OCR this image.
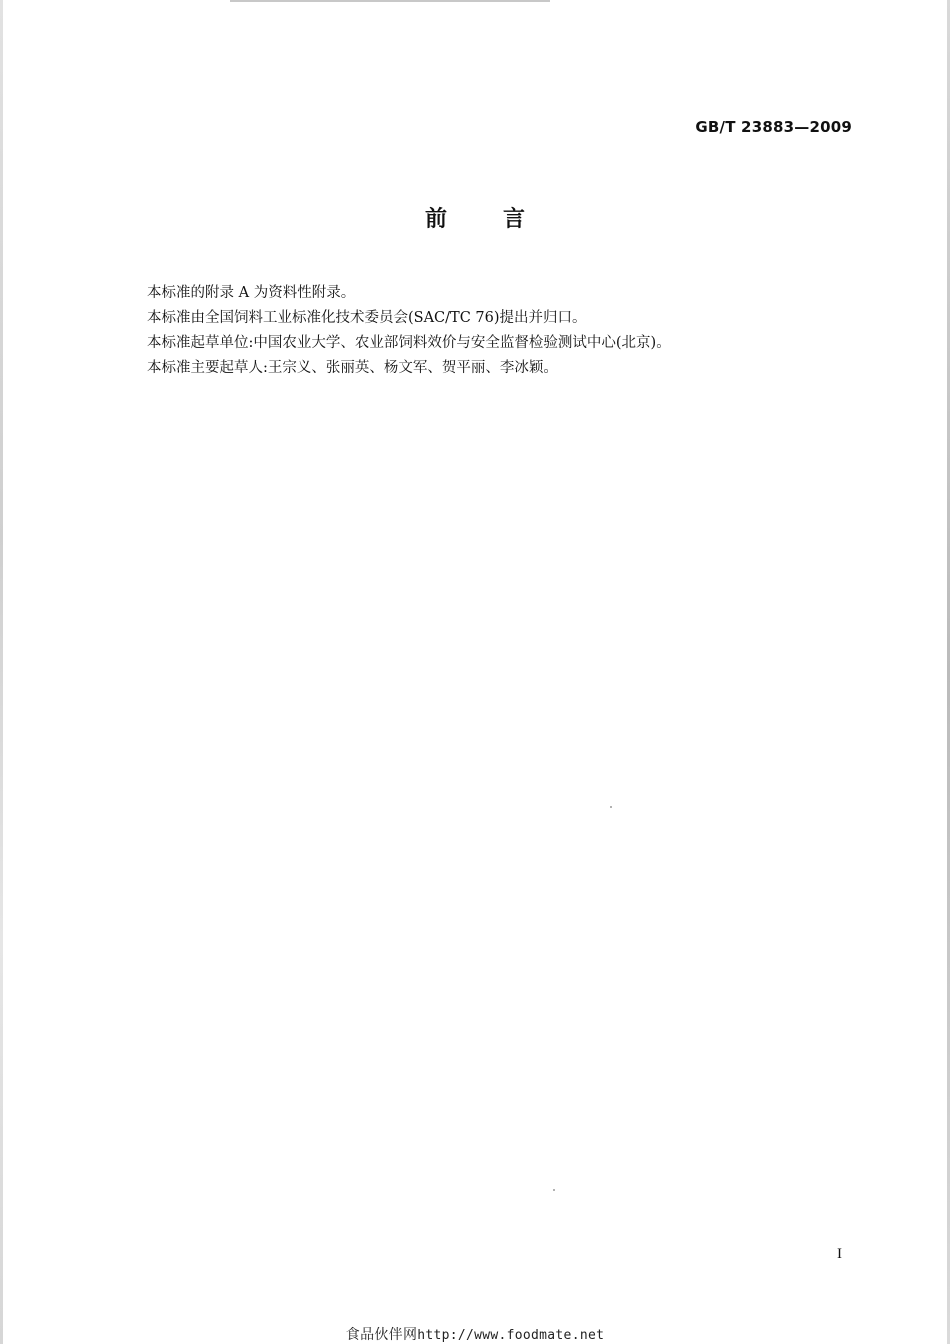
GB/T 23883—2009
前言
本标准的附录 A 为资料性附录。
本标准由全国饲料工业标准化技术委员会(SAC/TC 76)提出并归口。
本标准起草单位:中国农业大学、农业部饲料效价与安全监督检验测试中心(北京)。
本标准主要起草人:王宗义、张丽英、杨文军、贺平丽、李冰颖。
I
食品伙伴网http://www.foodmate.net
